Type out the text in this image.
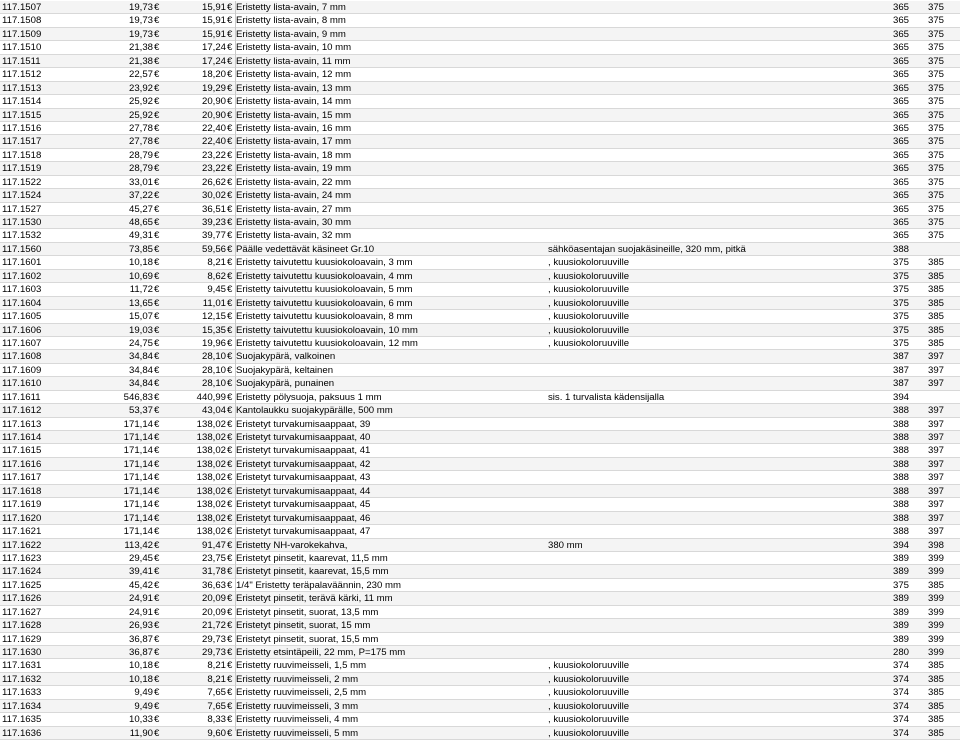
117.1507	19,73 €	15,91 € Eristetty lista-avain, 7 mm	365	375
117.1508	19,73 €	15,91 € Eristetty lista-avain, 8 mm	365	375
117.1509	19,73 €	15,91 € Eristetty lista-avain, 9 mm	365	375
117.1510	21,38 €	17,24 € Eristetty lista-avain, 10 mm	365	375
117.1511	21,38 €	17,24 € Eristetty lista-avain, 11 mm	365	375
117.1512	22,57 €	18,20 € Eristetty lista-avain, 12 mm	365	375
117.1513	23,92 €	19,29 € Eristetty lista-avain, 13 mm	365	375
117.1514	25,92 €	20,90 € Eristetty lista-avain, 14 mm	365	375
117.1515	25,92 €	20,90 € Eristetty lista-avain, 15 mm	365	375
117.1516	27,78 €	22,40 € Eristetty lista-avain, 16 mm	365	375
117.1517	27,78 €	22,40 € Eristetty lista-avain, 17 mm	365	375
117.1518	28,79 €	23,22 € Eristetty lista-avain, 18 mm	365	375
117.1519	28,79 €	23,22 € Eristetty lista-avain, 19 mm	365	375
117.1522	33,01 €	26,62 € Eristetty lista-avain, 22 mm	365	375
117.1524	37,22 €	30,02 € Eristetty lista-avain, 24 mm	365	375
117.1527	45,27 €	36,51 € Eristetty lista-avain, 27 mm	365	375
117.1530	48,65 €	39,23 € Eristetty lista-avain, 30 mm	365	375
117.1532	49,31 €	39,77 € Eristetty lista-avain, 32 mm	365	375
117.1560	73,85 €	59,56 € Päälle vedettävät käsineet Gr.10	sähköasentajan suojakäsineille, 320 mm, pitkä	388
117.1601	10,18 €	8,21 € Eristetty taivutettu kuusiokoloavain, 3 mm	, kuusiokoloruuville	375	385
117.1602	10,69 €	8,62 € Eristetty taivutettu kuusiokoloavain, 4 mm	, kuusiokoloruuville	375	385
117.1603	11,72 €	9,45 € Eristetty taivutettu kuusiokoloavain, 5 mm	, kuusiokoloruuville	375	385
117.1604	13,65 €	11,01 € Eristetty taivutettu kuusiokoloavain, 6 mm	, kuusiokoloruuville	375	385
117.1605	15,07 €	12,15 € Eristetty taivutettu kuusiokoloavain, 8 mm	, kuusiokoloruuville	375	385
117.1606	19,03 €	15,35 € Eristetty taivutettu kuusiokoloavain, 10 mm	, kuusiokoloruuville	375	385
117.1607	24,75 €	19,96 € Eristetty taivutettu kuusiokoloavain, 12 mm	, kuusiokoloruuville	375	385
117.1608	34,84 €	28,10 € Suojakypärä, valkoinen	387	397
117.1609	34,84 €	28,10 € Suojakypärä, keltainen	387	397
117.1610	34,84 €	28,10 € Suojakypärä, punainen	387	397
117.1611	546,83 €	440,99 € Eristetty pölysuoja, paksuus 1 mm	sis. 1 turvalista kädensijalla	394
117.1612	53,37 €	43,04 € Kantolaukku suojakypärälle, 500 mm	388	397
117.1613	171,14 €	138,02 € Eristetyt turvakumisaappaat, 39	388	397
117.1614	171,14 €	138,02 € Eristetyt turvakumisaappaat, 40	388	397
117.1615	171,14 €	138,02 € Eristetyt turvakumisaappaat, 41	388	397
117.1616	171,14 €	138,02 € Eristetyt turvakumisaappaat, 42	388	397
117.1617	171,14 €	138,02 € Eristetyt turvakumisaappaat, 43	388	397
117.1618	171,14 €	138,02 € Eristetyt turvakumisaappaat, 44	388	397
117.1619	171,14 €	138,02 € Eristetyt turvakumisaappaat, 45	388	397
117.1620	171,14 €	138,02 € Eristetyt turvakumisaappaat, 46	388	397
117.1621	171,14 €	138,02 € Eristetyt turvakumisaappaat, 47	388	397
117.1622	113,42 €	91,47 € Eristetty NH-varokekahva,	380 mm	394	398
117.1623	29,45 €	23,75 € Eristetyt pinsetit, kaarevat, 11,5 mm	389	399
117.1624	39,41 €	31,78 € Eristetyt pinsetit, kaarevat, 15,5 mm	389	399
117.1625	45,42 €	36,63 € 1/4" Eristetty teräpalaväännin, 230 mm	375	385
117.1626	24,91 €	20,09 € Eristetyt pinsetit, terävä kärki, 11 mm	389	399
117.1627	24,91 €	20,09 € Eristetyt pinsetit, suorat, 13,5 mm	389	399
117.1628	26,93 €	21,72 € Eristetyt pinsetit, suorat, 15 mm	389	399
117.1629	36,87 €	29,73 € Eristetyt pinsetit, suorat, 15,5 mm	389	399
117.1630	36,87 €	29,73 € Eristetty etsintäpeili, 22 mm, P=175 mm	280	399
117.1631	10,18 €	8,21 € Eristetty ruuvimeisseli, 1,5 mm	, kuusiokoloruuville	374	385
117.1632	10,18 €	8,21 € Eristetty ruuvimeisseli, 2 mm	, kuusiokoloruuville	374	385
117.1633	9,49 €	7,65 € Eristetty ruuvimeisseli, 2,5 mm	, kuusiokoloruuville	374	385
117.1634	9,49 €	7,65 € Eristetty ruuvimeisseli, 3 mm	, kuusiokoloruuville	374	385
117.1635	10,33 €	8,33 € Eristetty ruuvimeisseli, 4 mm	, kuusiokoloruuville	374	385
117.1636	11,90 €	9,60 € Eristetty ruuvimeisseli, 5 mm	, kuusiokoloruuville	374	385
